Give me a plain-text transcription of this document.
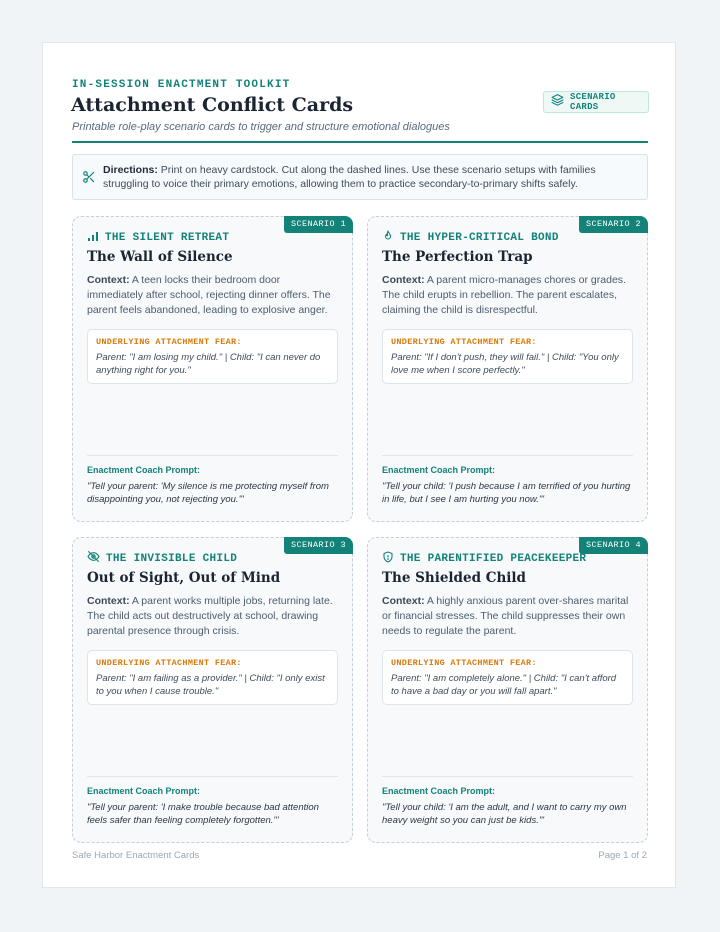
IN-SESSION ENACTMENT TOOLKIT
Attachment Conflict Cards
Printable role-play scenario cards to trigger and structure emotional dialogues
SCENARIO CARDS
Directions: Print on heavy cardstock. Cut along the dashed lines. Use these scenario setups with families struggling to voice their primary emotions, allowing them to practice secondary-to-primary shifts safely.
SCENARIO 1
THE SILENT RETREAT
The Wall of Silence
Context: A teen locks their bedroom door immediately after school, rejecting dinner offers. The parent feels abandoned, leading to explosive anger.
UNDERLYING ATTACHMENT FEAR:
Parent: "I am losing my child." | Child: "I can never do anything right for you."
Enactment Coach Prompt:
"Tell your parent: 'My silence is me protecting myself from disappointing you, not rejecting you.'"
SCENARIO 2
THE HYPER-CRITICAL BOND
The Perfection Trap
Context: A parent micro-manages chores or grades. The child erupts in rebellion. The parent escalates, claiming the child is disrespectful.
UNDERLYING ATTACHMENT FEAR:
Parent: "If I don't push, they will fail." | Child: "You only love me when I score perfectly."
Enactment Coach Prompt:
"Tell your child: 'I push because I am terrified of you hurting in life, but I see I am hurting you now.'"
SCENARIO 3
THE INVISIBLE CHILD
Out of Sight, Out of Mind
Context: A parent works multiple jobs, returning late. The child acts out destructively at school, drawing parental presence through crisis.
UNDERLYING ATTACHMENT FEAR:
Parent: "I am failing as a provider." | Child: "I only exist to you when I cause trouble."
Enactment Coach Prompt:
"Tell your parent: 'I make trouble because bad attention feels safer than feeling completely forgotten.'"
SCENARIO 4
THE PARENTIFIED PEACEKEEPER
The Shielded Child
Context: A highly anxious parent over-shares marital or financial stresses. The child suppresses their own needs to regulate the parent.
UNDERLYING ATTACHMENT FEAR:
Parent: "I am completely alone." | Child: "I can't afford to have a bad day or you will fall apart."
Enactment Coach Prompt:
"Tell your child: 'I am the adult, and I want to carry my own heavy weight so you can just be kids.'"
Safe Harbor Enactment Cards	Page 1 of 2
